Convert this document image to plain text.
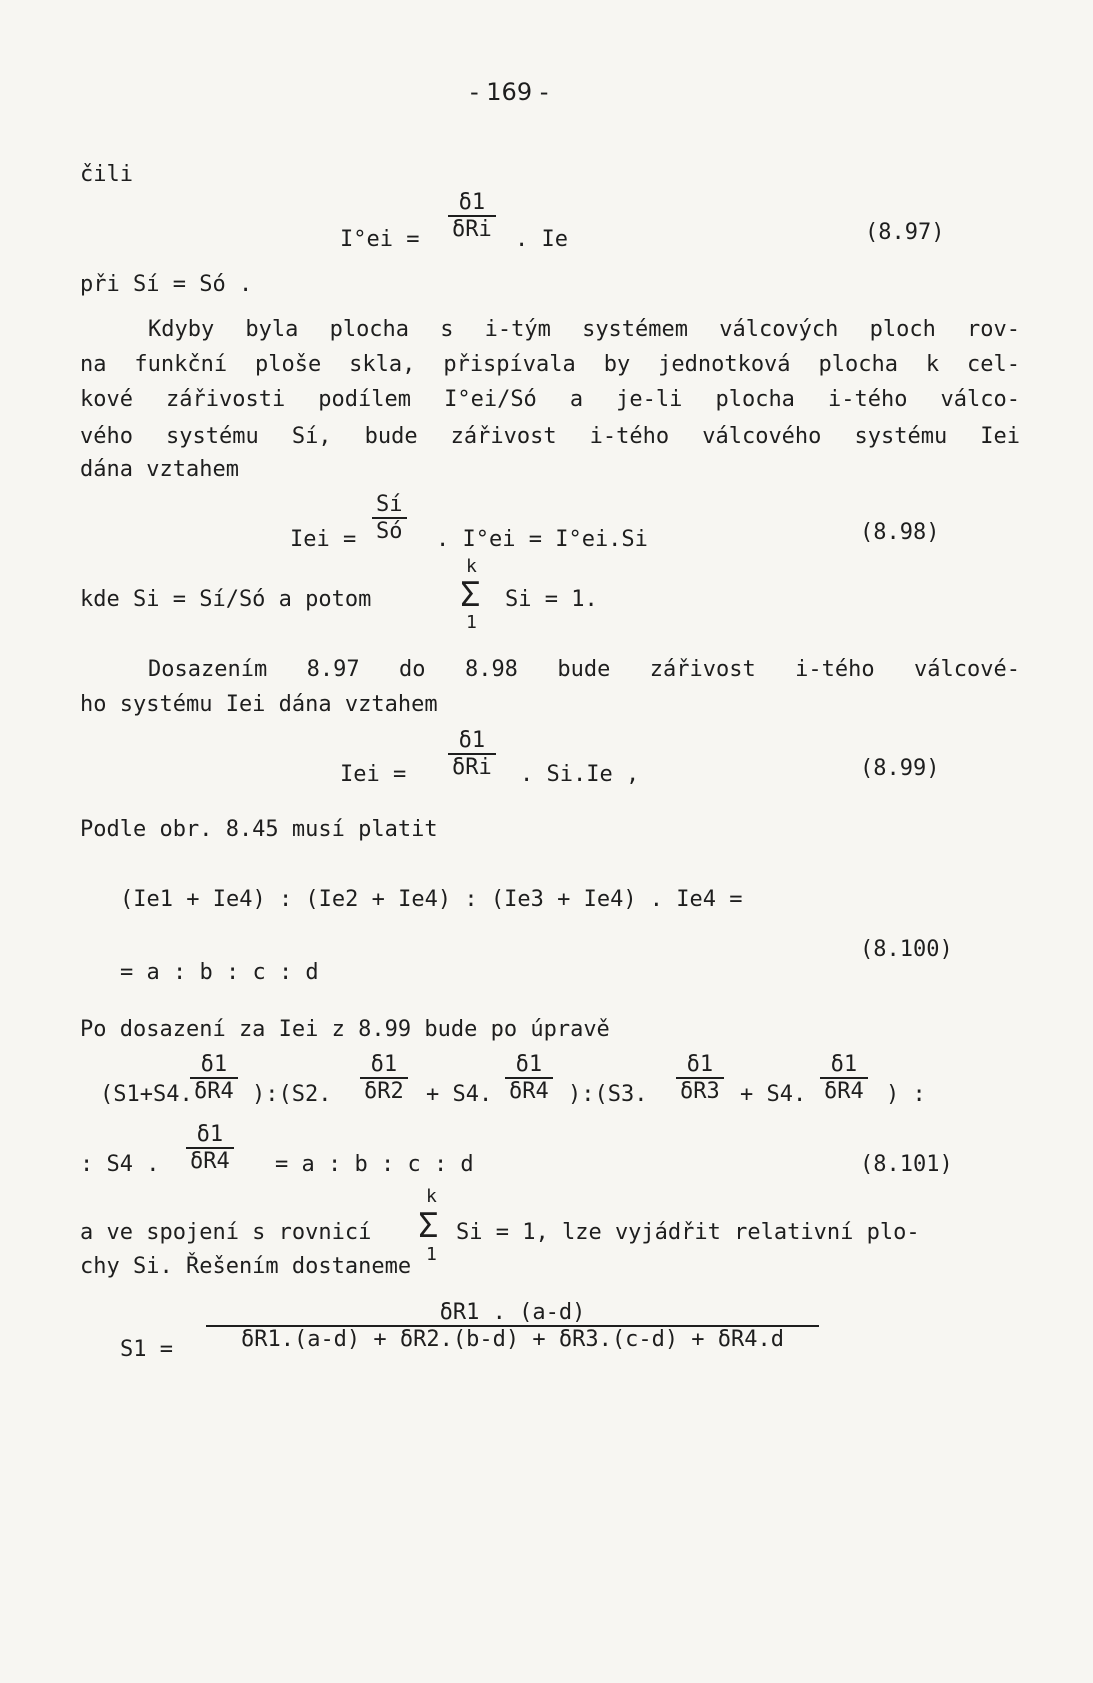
- 169 -
čili
I°ei =
δ1
δRi . Ie	(8.97)
při Sí = Só .
Kdyby byla plocha s i-tým systémem válcových ploch rov-
na funkční ploše skla, přispívala by jednotková plocha k cel-
kové zářivosti podílem I°ei/Só a je-li plocha i-tého válco-
vého systému Sí, bude zářivost i-tého válcového systému Iei
dána vztahem
Iei = $\frac{Sí}{Só}$ . I°ei = I°ei.Si	(8.98)
kde Si = Sí/Só a potom
k
Σ
1
Si = 1.
Dosazením 8.97 do 8.98 bude zářivost i-tého válcové-
ho systému Iei dána vztahem
Iei =
δ1
δRi . Si.Ie ,	(8.99)
Podle obr. 8.45 musí platit
(Ie1 + Ie4) : (Ie2 + Ie4) : (Ie3 + Ie4) . Ie4 =
(8.100)
= a : b : c : d
Po dosazení za Iei z 8.99 bude po úpravě
(S1+S4.
$\frac{\delta 1}{\delta R4}$ ):(S2. $\frac{\delta 1}{\delta R2} + S4$. $\frac{\delta 1}{\delta R4}$ ):(S3. $\frac{\delta 1}{\delta R3} + S4$. $\frac{\delta 1}{\delta R4}$ ) :
: S4 . $\frac{\delta 1}{\delta R4} = a$ : b : c : d	(8.101)
a ve spojení s rovnicí
k
Σ
1
Si = 1, lze vyjádřit relativní plo-
chy Si. Řešením dostaneme
$S1 = \frac{\delta R1 . (a-d)}{\delta R1.(a-d) + \delta R2.(b-d) + \delta R3.(c-d) + \delta R4.d}$
